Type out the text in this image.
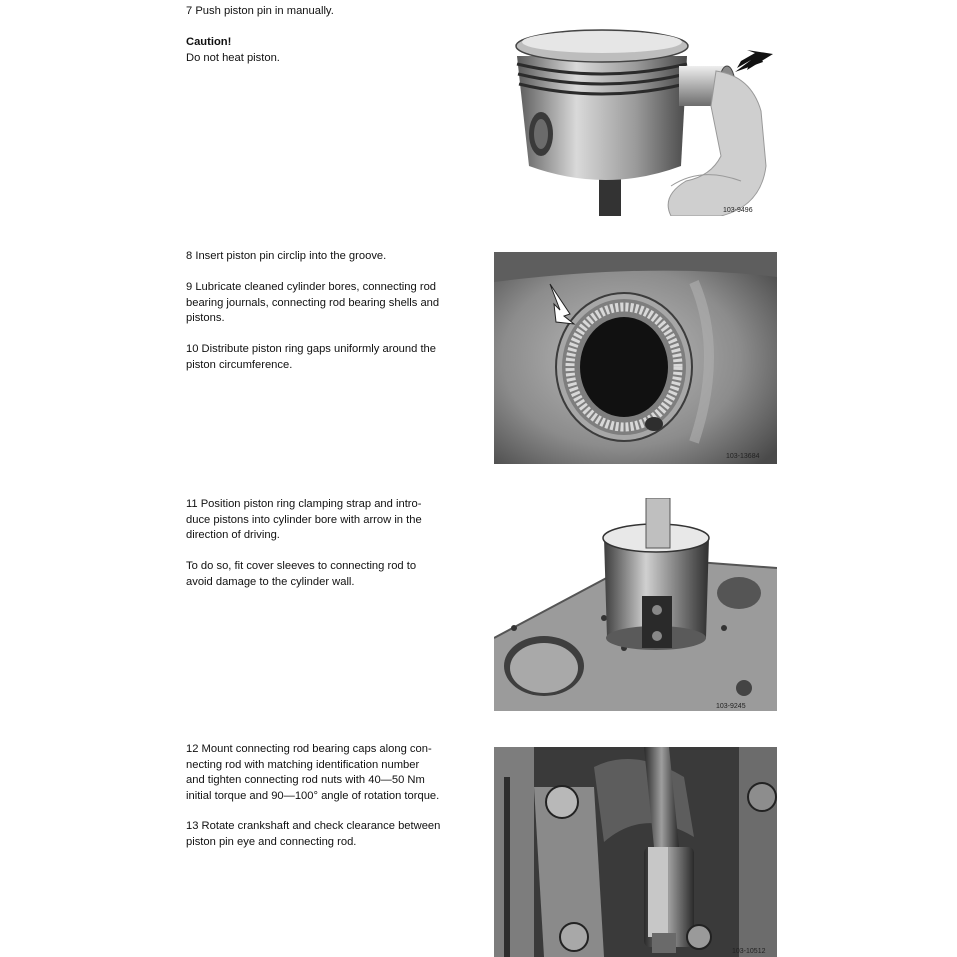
7 Push piston pin in manually.

Caution!

Do not heat piston.

103-9496

8 Insert piston pin circlip into the groove.

9 Lubricate cleaned cylinder bores, connecting rod

bearing journals, connecting rod bearing shells and

pistons.

10 Distribute piston ring gaps uniformly around the

piston circumference.

103-13684

11 Position piston ring clamping strap and intro-

duce pistons into cylinder bore with arrow in the

direction of driving.

To do so, fit cover sleeves to connecting rod to

avoid damage to the cylinder wall.

103-9245

12 Mount connecting rod bearing caps along con-

necting rod with matching identification number

and tighten connecting rod nuts with 40—50 Nm

initial torque and 90—100° angle of rotation torque.

13 Rotate crankshaft and check clearance between

piston pin eye and connecting rod.

103-10512
